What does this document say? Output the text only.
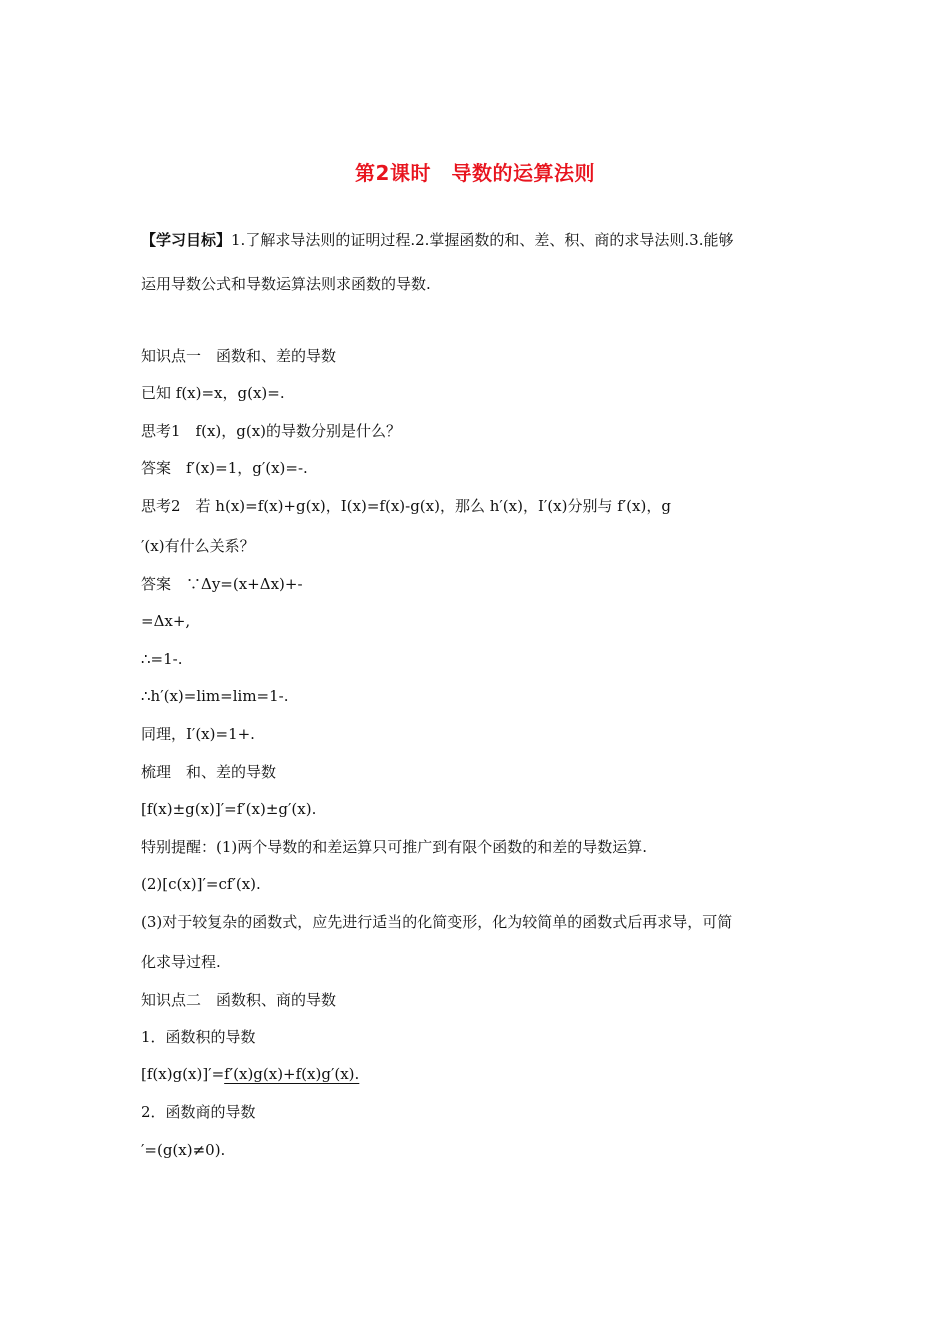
第2课时　导数的运算法则
【学习目标】1.了解求导法则的证明过程.2.掌握函数的和、差、积、商的求导法则.3.能够
运用导数公式和导数运算法则求函数的导数.
知识点一　函数和、差的导数
已知 f(x)=x，g(x)=.
思考1　f(x)，g(x)的导数分别是什么？
答案　f′(x)=1，g′(x)=-.
思考2　若 h(x)=f(x)+g(x)，I(x)=f(x)-g(x)，那么 h′(x)，I′(x)分别与 f′(x)，g
′(x)有什么关系？
答案　∵Δy=(x+Δx)+-
=Δx+,
∴=1-.
∴h′(x)=lim=lim=1-.
同理，I′(x)=1+.
梳理　和、差的导数
[f(x)±g(x)]′=f′(x)±g′(x).
特别提醒：(1)两个导数的和差运算只可推广到有限个函数的和差的导数运算.
(2)[c(x)]′=cf′(x).
(3)对于较复杂的函数式，应先进行适当的化简变形，化为较简单的函数式后再求导，可简
化求导过程.
知识点二　函数积、商的导数
1．函数积的导数
[f(x)g(x)]′=f′(x)g(x)+f(x)g′(x).
2．函数商的导数
′=(g(x)≠0).
